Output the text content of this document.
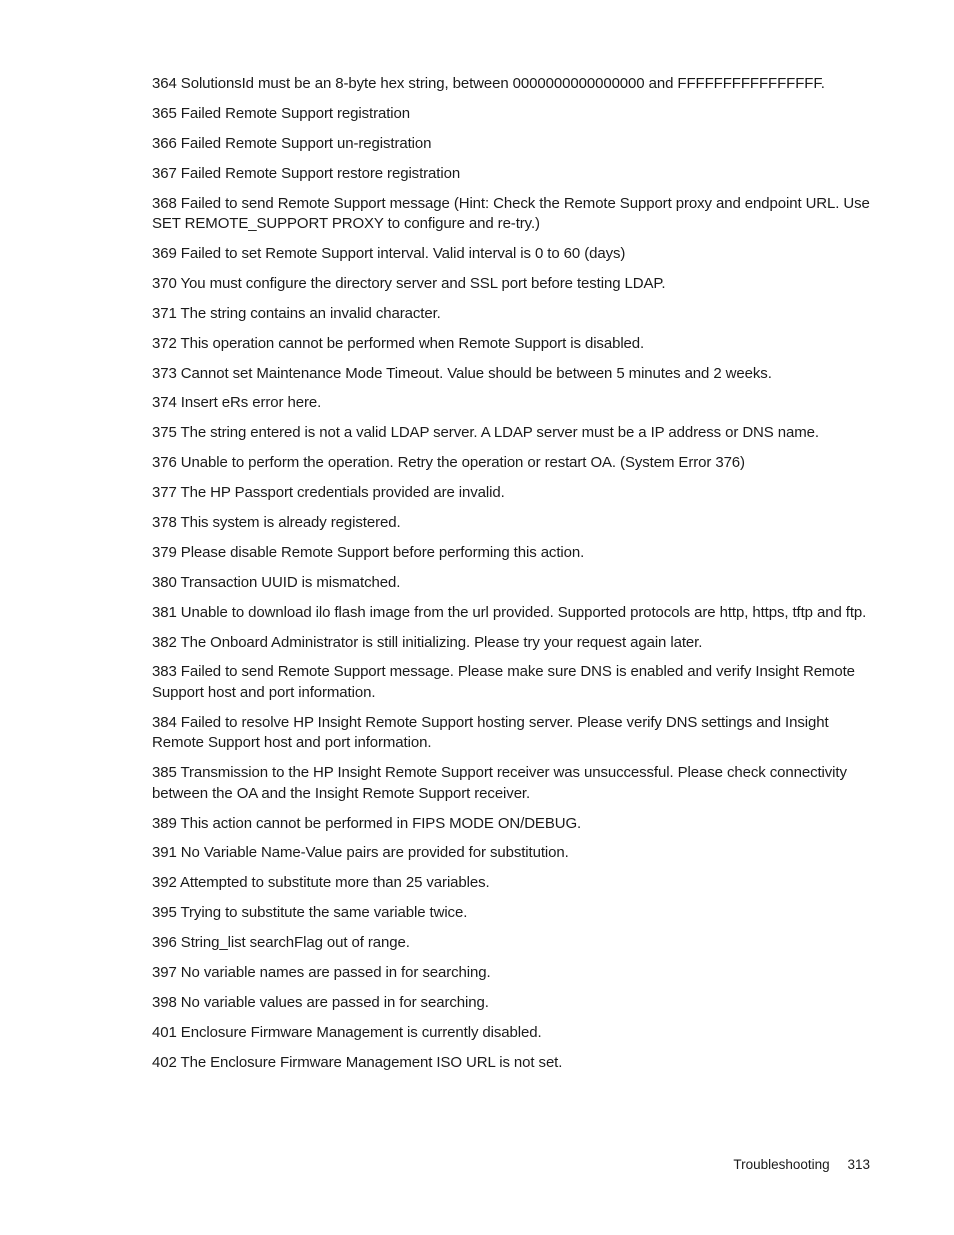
364 SolutionsId must be an 8-byte hex string, between 0000000000000000 and FFFFFFFFFFFFFFFF.

365 Failed Remote Support registration

366 Failed Remote Support un-registration

367 Failed Remote Support restore registration

368 Failed to send Remote Support message (Hint: Check the Remote Support proxy and endpoint URL. Use SET REMOTE_SUPPORT PROXY to configure and re-try.)

369 Failed to set Remote Support interval. Valid interval is 0 to 60 (days)

370 You must configure the directory server and SSL port before testing LDAP.

371 The string contains an invalid character.

372 This operation cannot be performed when Remote Support is disabled.

373 Cannot set Maintenance Mode Timeout. Value should be between 5 minutes and 2 weeks.

374 Insert eRs error here.

375 The string entered is not a valid LDAP server. A LDAP server must be a IP address or DNS name.

376 Unable to perform the operation. Retry the operation or restart OA. (System Error 376)

377 The HP Passport credentials provided are invalid.

378 This system is already registered.

379 Please disable Remote Support before performing this action.

380 Transaction UUID is mismatched.

381 Unable to download ilo flash image from the url provided. Supported protocols are http, https, tftp and ftp.

382 The Onboard Administrator is still initializing. Please try your request again later.

383 Failed to send Remote Support message. Please make sure DNS is enabled and verify Insight Remote Support host and port information.

384 Failed to resolve HP Insight Remote Support hosting server. Please verify DNS settings and Insight Remote Support host and port information.

385 Transmission to the HP Insight Remote Support receiver was unsuccessful. Please check connectivity between the OA and the Insight Remote Support receiver.

389 This action cannot be performed in FIPS MODE ON/DEBUG.

391 No Variable Name-Value pairs are provided for substitution.

392 Attempted to substitute more than 25 variables.

395 Trying to substitute the same variable twice.

396 String_list searchFlag out of range.

397 No variable names are passed in for searching.

398 No variable values are passed in for searching.

401 Enclosure Firmware Management is currently disabled.

402 The Enclosure Firmware Management ISO URL is not set.

Troubleshooting 313
